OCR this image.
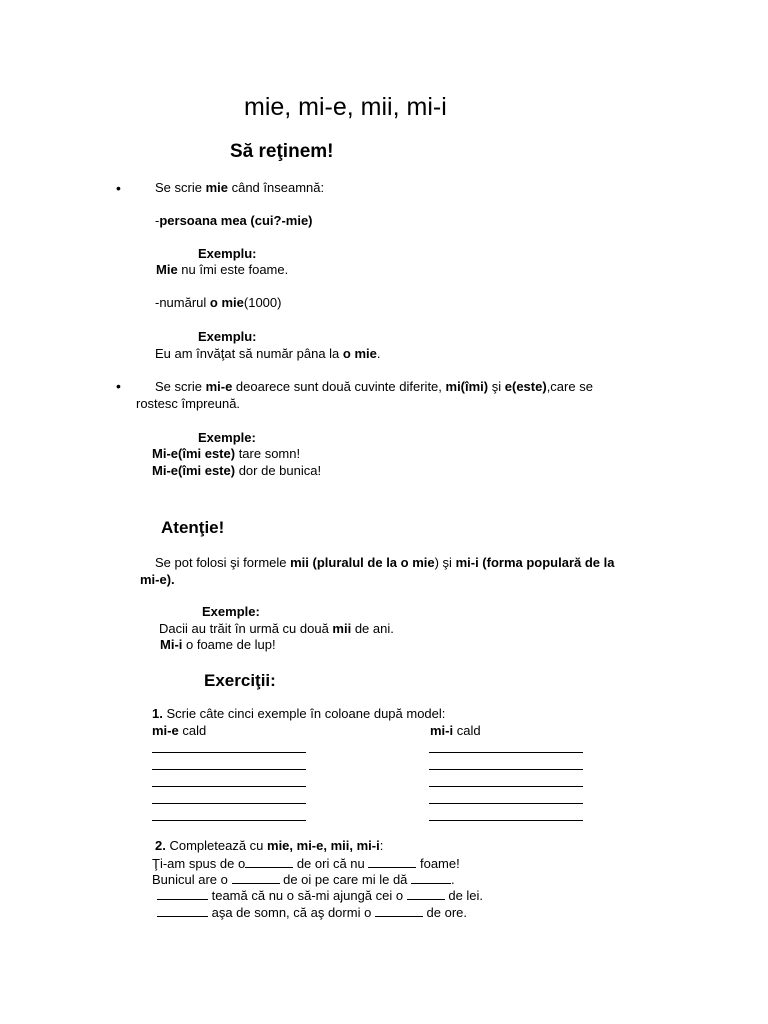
mie, mi-e, mii, mi-i
Să reţinem!
•	Se scrie mie când înseamnă:
-persoana mea (cui?-mie)
Exemplu:
Mie nu îmi este foame.
-numărul o mie(1000)
Exemplu:
Eu am învăţat să număr pâna la o mie.
•	Se scrie mi-e deoarece sunt două cuvinte diferite, mi(îmi) şi e(este),care se
rostesc împreună.
Exemple:
Mi-e(îmi este) tare somn!
Mi-e(îmi este) dor de bunica!
Atenţie!
Se pot folosi şi formele mii (pluralul de la o mie) şi mi-i (forma populară de la
mi-e).
Exemple:
Dacii au trăit în urmă cu două mii de ani.
Mi-i o foame de lup!
Exerciţii:
1. Scrie câte cinci exemple în coloane după model:
mi-e cald	mi-i cald
2. Completează cu mie, mi-e, mii, mi-i:
Ţi-am spus de o	de ori că nu	foame!
Bunicul are o	de oi pe care mi le dă	.
teamă că nu o să-mi ajungă cei o	de lei.
aşa de somn, că aş dormi o	de ore.
